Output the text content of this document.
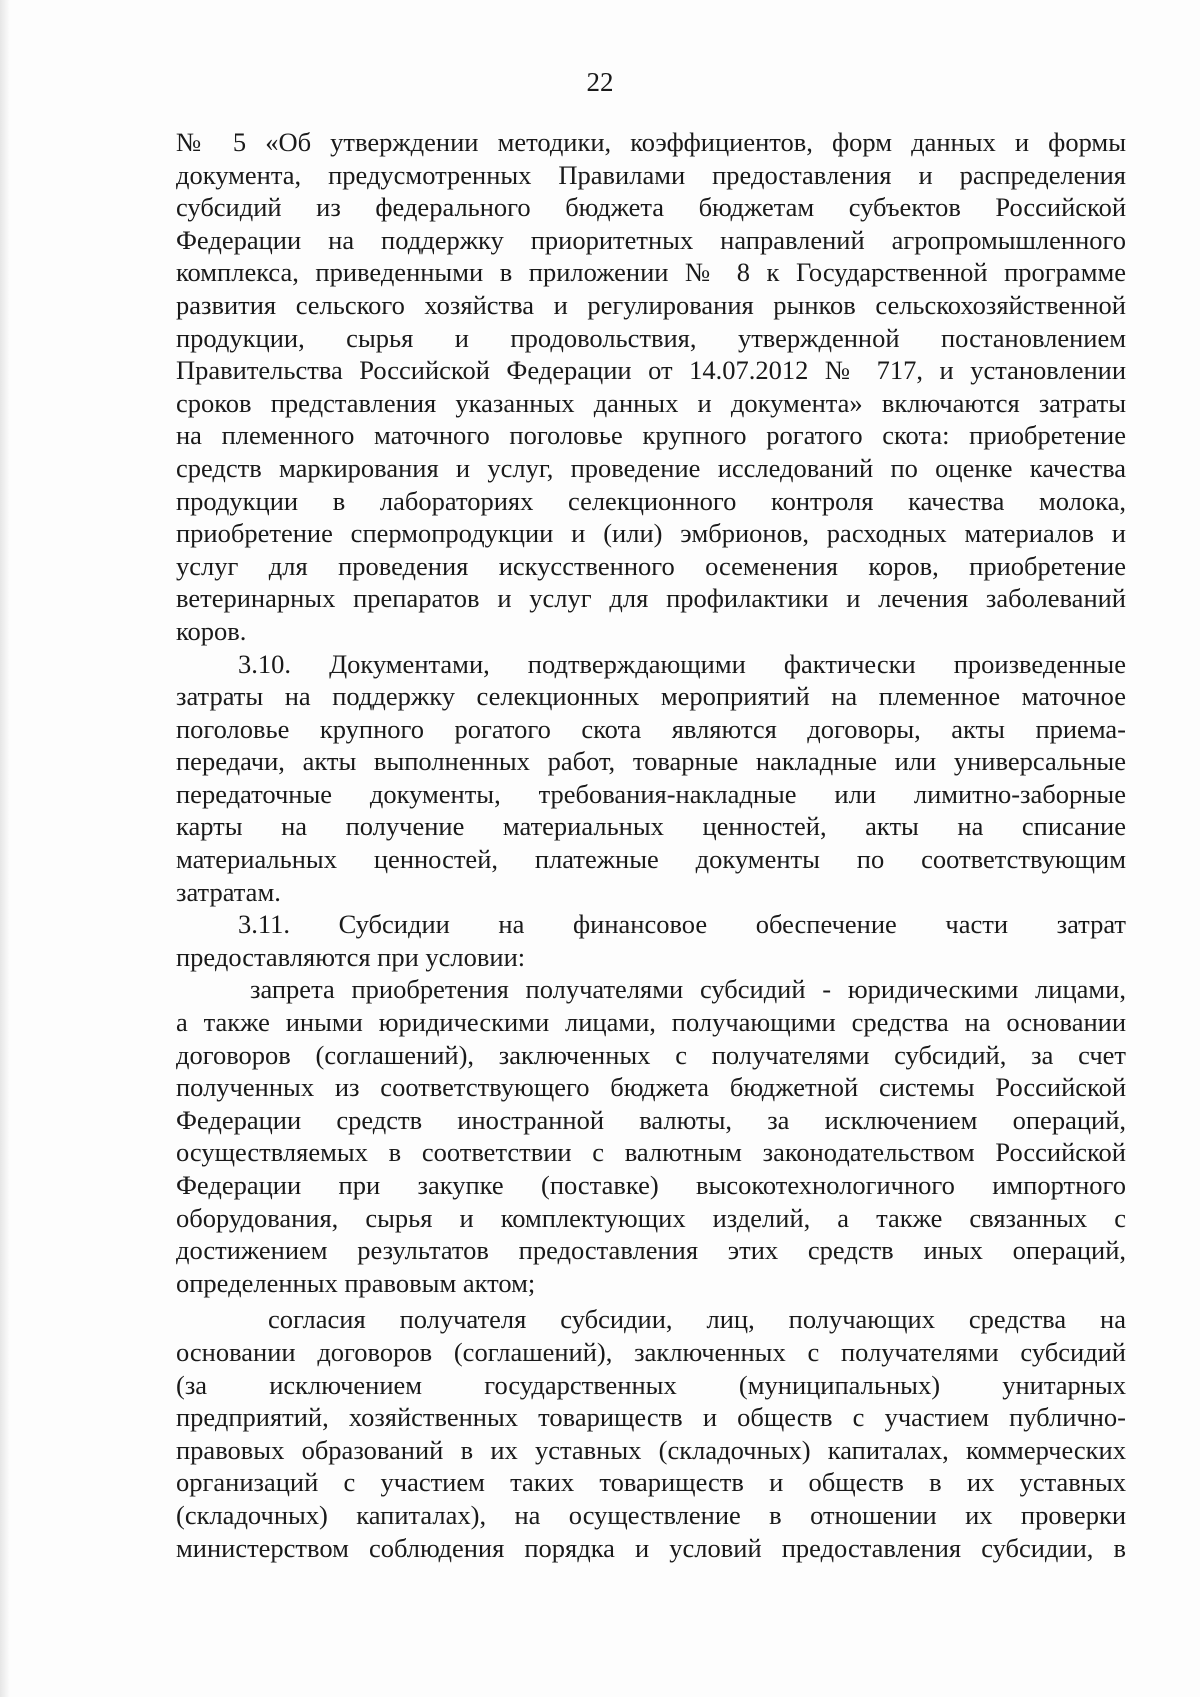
22
№ 5 «Об утверждении методики, коэффициентов, форм данных и формы
документа, предусмотренных Правилами предоставления и распределения
субсидий из федерального бюджета бюджетам субъектов Российской
Федерации на поддержку приоритетных направлений агропромышленного
комплекса, приведенными в приложении № 8 к Государственной программе
развития сельского хозяйства и регулирования рынков сельскохозяйственной
продукции, сырья и продовольствия, утвержденной постановлением
Правительства Российской Федерации от 14.07.2012 № 717, и установлении
сроков представления указанных данных и документа» включаются затраты
на племенного маточного поголовье крупного рогатого скота: приобретение
средств маркирования и услуг, проведение исследований по оценке качества
продукции в лабораториях селекционного контроля качества молока,
приобретение спермопродукции и (или) эмбрионов, расходных материалов и
услуг для проведения искусственного осеменения коров, приобретение
ветеринарных препаратов и услуг для профилактики и лечения заболеваний
коров.
3.10. Документами, подтверждающими фактически произведенные
затраты на поддержку селекционных мероприятий на племенное маточное
поголовье крупного рогатого скота являются договоры, акты приема-
передачи, акты выполненных работ, товарные накладные или универсальные
передаточные документы, требования-накладные или лимитно-заборные
карты на получение материальных ценностей, акты на списание
материальных ценностей, платежные документы по соответствующим
затратам.
3.11. Субсидии на финансовое обеспечение части затрат
предоставляются при условии:
запрета приобретения получателями субсидий - юридическими лицами,
а также иными юридическими лицами, получающими средства на основании
договоров (соглашений), заключенных с получателями субсидий, за счет
полученных из соответствующего бюджета бюджетной системы Российской
Федерации средств иностранной валюты, за исключением операций,
осуществляемых в соответствии с валютным законодательством Российской
Федерации при закупке (поставке) высокотехнологичного импортного
оборудования, сырья и комплектующих изделий, а также связанных с
достижением результатов предоставления этих средств иных операций,
определенных правовым актом;
согласия получателя субсидии, лиц, получающих средства на
основании договоров (соглашений), заключенных с получателями субсидий
(за исключением государственных (муниципальных) унитарных
предприятий, хозяйственных товариществ и обществ с участием публично-
правовых образований в их уставных (складочных) капиталах, коммерческих
организаций с участием таких товариществ и обществ в их уставных
(складочных) капиталах), на осуществление в отношении их проверки
министерством соблюдения порядка и условий предоставления субсидии, в
